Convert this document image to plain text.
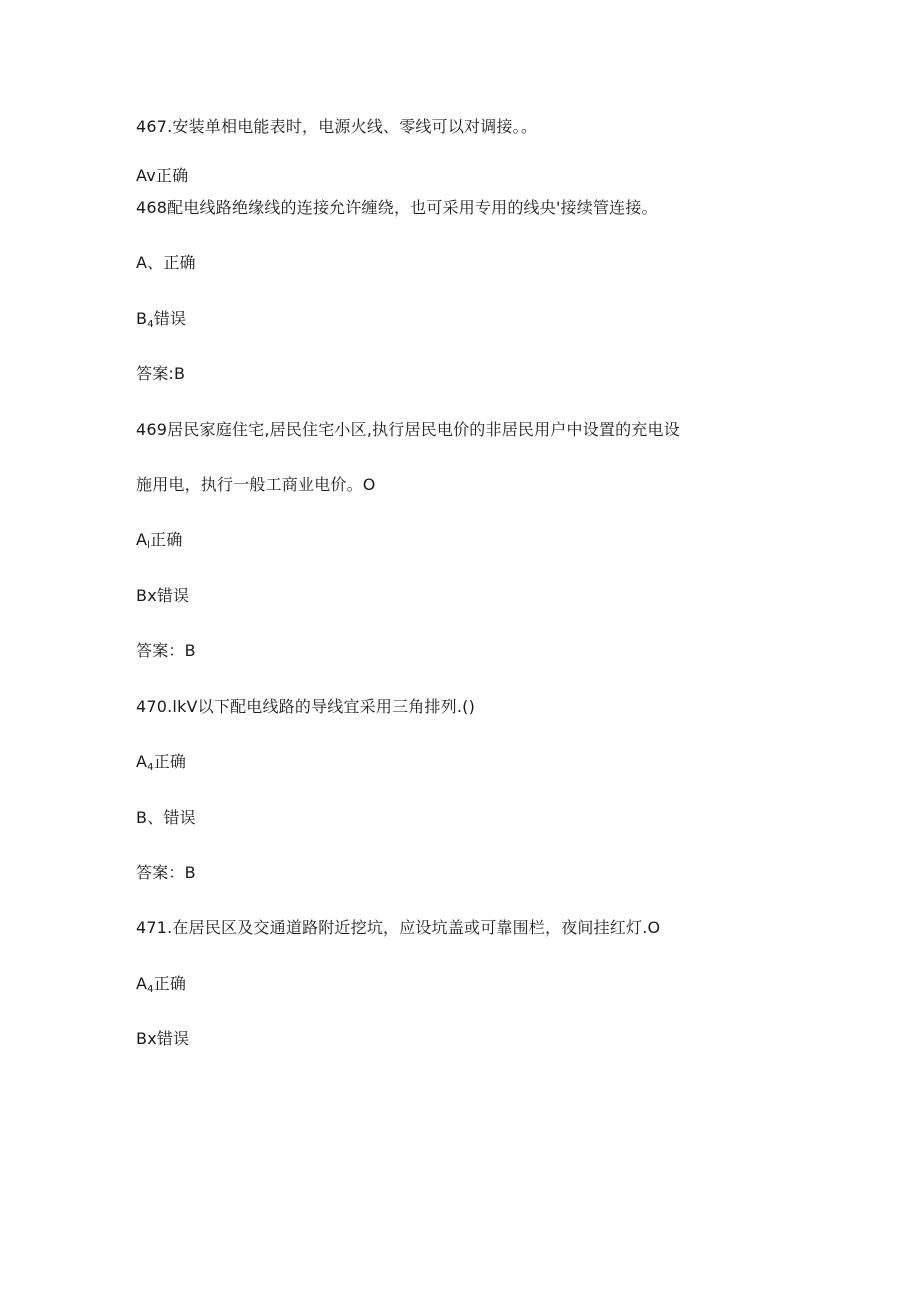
467.安装单相电能表时，电源火线、零线可以对调接。。
Av正确
468配电线路绝缘线的连接允许缠绕，也可采用专用的线央'接续管连接。
A、正确
$B_4$错误
答案:B
469居民家庭住宅,居民住宅小区,执行居民电价的非居民用户中设置的充电设
施用电，执行一般工商业电价。O
$A_l$正确
Bx错误
答案：B
470.lkV以下配电线路的导线宜采用三角排列.()
$A_4$正确
B、错误
答案：B
471.在居民区及交通道路附近挖坑，应设坑盖或可靠围栏，夜间挂红灯.O
$A_4$正确
Bx错误
